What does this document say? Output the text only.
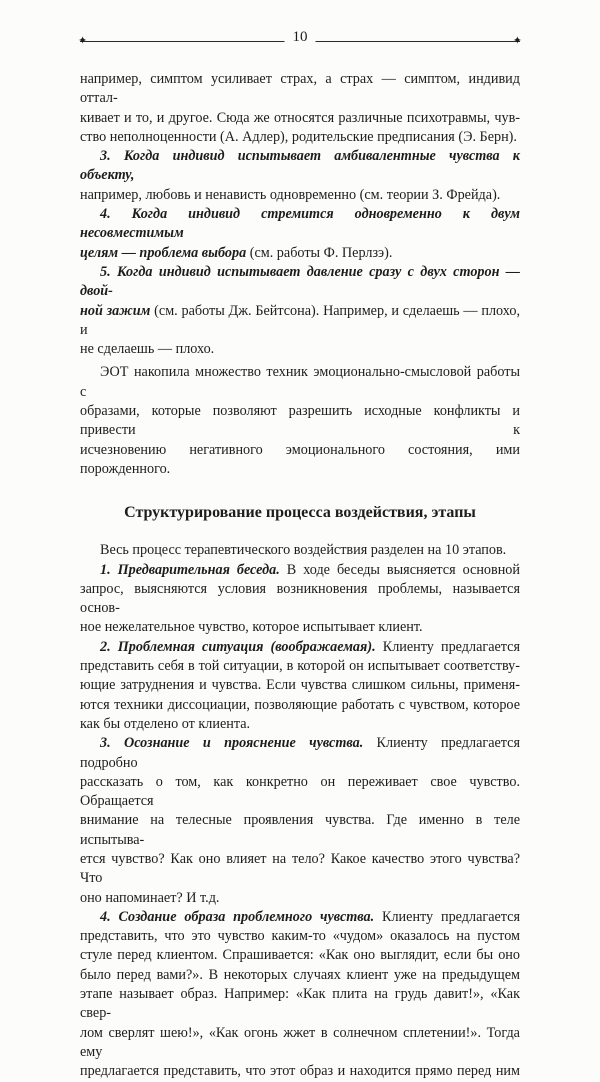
✦	✦
10

например, симптом усиливает страх, а страх — симптом, индивид оттал-

кивает и то, и другое. Сюда же относятся различные психотравмы, чув-

ство неполноценности (А. Адлер), родительские предписания (Э. Берн).

3. Когда индивид испытывает амбивалентные чувства к объекту,

например, любовь и ненависть одновременно (см. теории З. Фрейда).

4. Когда индивид стремится одновременно к двум несовместимым

целям — проблема выбора (см. работы Ф. Перлзэ).

5. Когда индивид испытывает давление сразу с двух сторон — двой-

ной зажим (см. работы Дж. Бейтсона). Например, и сделаешь — плохо, и

не сделаешь — плохо.

ЭОТ накопила множество техник эмоционально-смысловой работы с

образами, которые позволяют разрешить исходные конфликты и привести к

исчезновению негативного эмоционального состояния, ими порожденного.

Структурирование процесса воздействия, этапы

Весь процесс терапевтического воздействия разделен на 10 этапов.

1. Предварительная беседа. В ходе беседы выясняется основной

запрос, выясняются условия возникновения проблемы, называется основ-

ное нежелательное чувство, которое испытывает клиент.

2. Проблемная ситуация (воображаемая). Клиенту предлагается

представить себя в той ситуации, в которой он испытывает соответству-

ющие затруднения и чувства. Если чувства слишком сильны, применя-

ются техники диссоциации, позволяющие работать с чувством, которое

как бы отделено от клиента.

3. Осознание и прояснение чувства. Клиенту предлагается подробно

рассказать о том, как конкретно он переживает свое чувство. Обращается

внимание на телесные проявления чувства. Где именно в теле испытыва-

ется чувство? Как оно влияет на тело? Какое качество этого чувства? Что

оно напоминает? И т.д.

4. Создание образа проблемного чувства. Клиенту предлагается

представить, что это чувство каким-то «чудом» оказалось на пустом

стуле перед клиентом. Спрашивается: «Как оно выглядит, если бы оно

было перед вами?». В некоторых случаях клиент уже на предыдущем

этапе называет образ. Например: «Как плита на грудь давит!», «Как свер-

лом сверлят шею!», «Как огонь жжет в солнечном сплетении!». Тогда ему

предлагается представить, что этот образ и находится прямо перед ним
